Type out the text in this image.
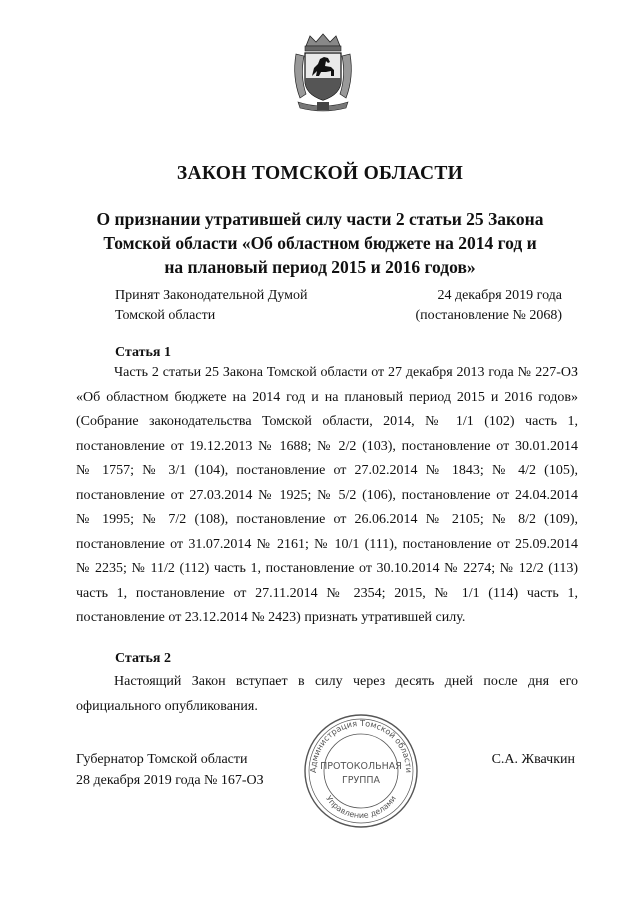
ЗАКОН ТОМСКОЙ ОБЛАСТИ
О признании утратившей силу части 2 статьи 25 Закона
Томской области «Об областном бюджете на 2014 год и
на плановый период 2015 и 2016 годов»
Принят Законодательной Думой
Томской области
24 декабря 2019 года
(постановление № 2068)
Статья 1
Часть 2 статьи 25 Закона Томской области от 27 декабря 2013 года № 227-ОЗ
«Об областном бюджете на 2014 год и на плановый период 2015 и 2016 годов»
(Собрание законодательства Томской области, 2014, № 1/1 (102) часть 1,
постановление от 19.12.2013 № 1688; № 2/2 (103), постановление от 30.01.2014
№ 1757; № 3/1 (104), постановление от 27.02.2014 № 1843; № 4/2 (105),
постановление от 27.03.2014 № 1925; № 5/2 (106), постановление от 24.04.2014
№ 1995; № 7/2 (108), постановление от 26.06.2014 № 2105; № 8/2 (109),
постановление от 31.07.2014 № 2161; № 10/1 (111), постановление от 25.09.2014
№ 2235; № 11/2 (112) часть 1, постановление от 30.10.2014 № 2274; № 12/2 (113)
часть 1, постановление от 27.11.2014 № 2354; 2015, № 1/1 (114) часть 1,
постановление от 23.12.2014 № 2423) признать утратившей силу.
Статья 2
Настоящий Закон вступает в силу через десять дней после дня его
официального опубликования.
Губернатор Томской области
28 декабря 2019 года № 167-ОЗ
С.А. Жвачкин
Администрация Томской области
Управление делами
ПРОТОКОЛЬНАЯ
ГРУППА
